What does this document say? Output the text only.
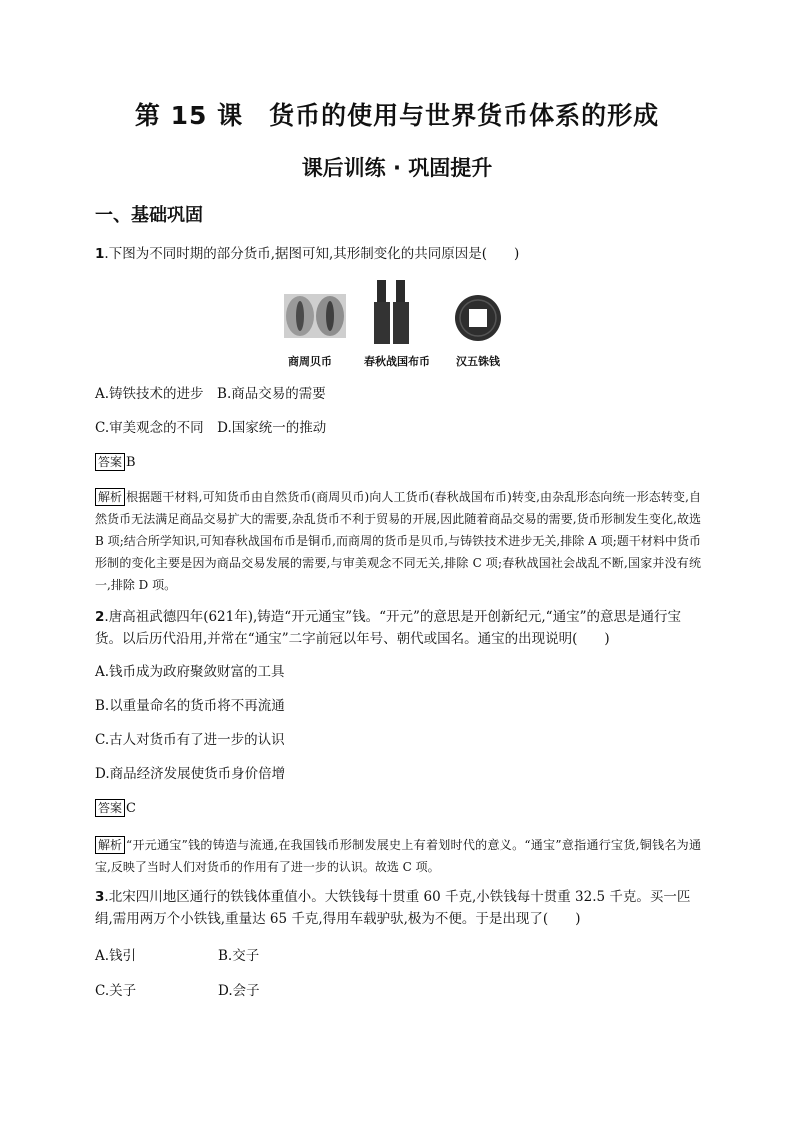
第 15 课　货币的使用与世界货币体系的形成
课后训练 · 巩固提升
一、基础巩固
1.下图为不同时期的部分货币,据图可知,其形制变化的共同原因是(　　)
商周贝币	春秋战国布币 汉五铢钱
A.铸铁技术的进步　 B.商品交易的需要
C.审美观念的不同　 D.国家统一的推动
答案 B
解析 根据题干材料,可知货币由自然货币(商周贝币)向人工货币(春秋战国布币)转变,由杂乱形态向统一形态转变,自然货币无法满足商品交易扩大的需要,杂乱货币不利于贸易的开展,因此随着商品交易的需要,货币形制发生变化,故选 B 项;结合所学知识,可知春秋战国布币是铜币,而商周的货币是贝币,与铸铁技术进步无关,排除 A 项;题干材料中货币形制的变化主要是因为商品交易发展的需要,与审美观念不同无关,排除 C 项;春秋战国社会战乱不断,国家并没有统一,排除 D 项。
2.唐高祖武德四年(621年),铸造“开元通宝”钱。“开元”的意思是开创新纪元,“通宝”的意思是通行宝货。以后历代沿用,并常在“通宝”二字前冠以年号、朝代或国名。通宝的出现说明(　　)
A.钱币成为政府聚敛财富的工具
B.以重量命名的货币将不再流通
C.古人对货币有了进一步的认识
D.商品经济发展使货币身价倍增
答案 C
解析 “开元通宝”钱的铸造与流通,在我国钱币形制发展史上有着划时代的意义。“通宝”意指通行宝货,铜钱名为通宝,反映了当时人们对货币的作用有了进一步的认识。故选 C 项。
3.北宋四川地区通行的铁钱体重值小。大铁钱每十贯重 60 千克,小铁钱每十贯重 32.5 千克。买一匹绢,需用两万个小铁钱,重量达 65 千克,得用车载驴驮,极为不便。于是出现了(　　)
A.钱引	B.交子
C.关子	D.会子
